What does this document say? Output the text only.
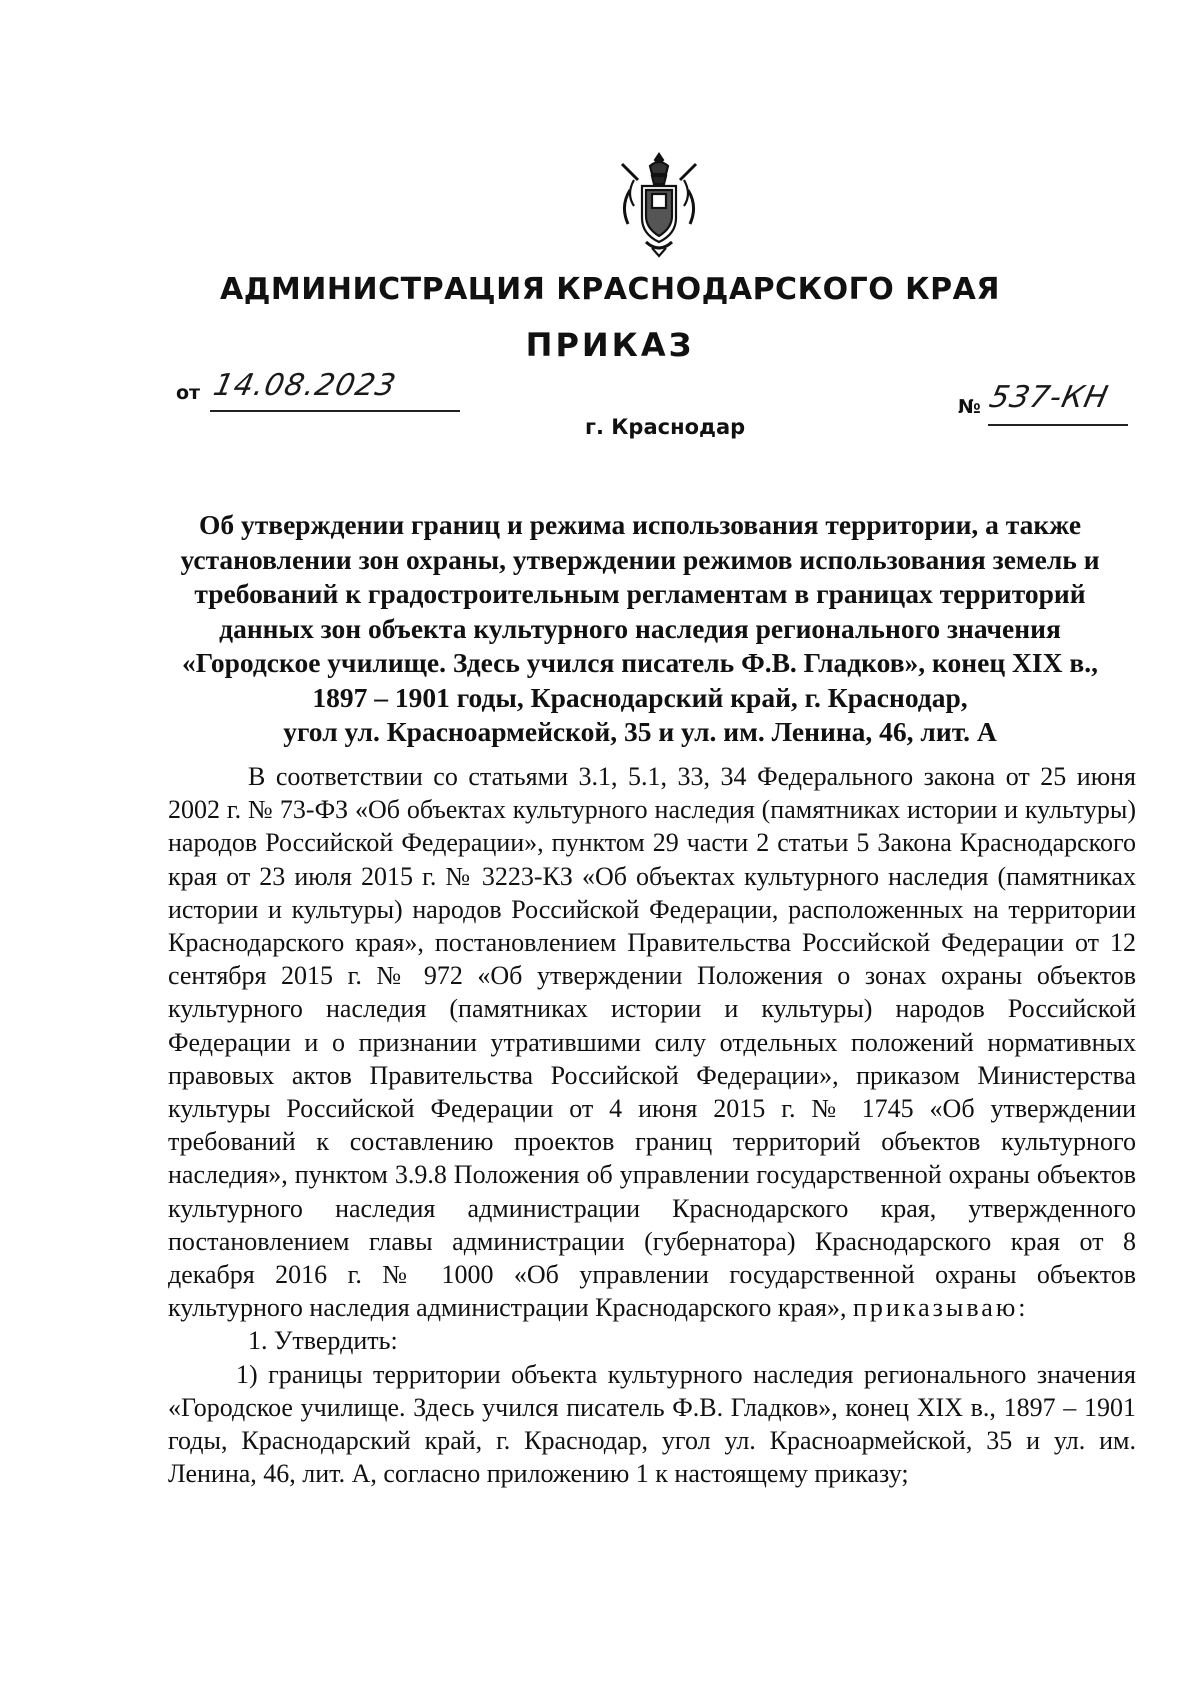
АДМИНИСТРАЦИЯ КРАСНОДАРСКОГО КРАЯ
ПРИКАЗ
от 14.08.2023
№ 537-КН
г. Краснодар
Об утверждении границ и режима использования территории, а также
установлении зон охраны, утверждении режимов использования земель и
требований к градостроительным регламентам в границах территорий
данных зон объекта культурного наследия регионального значения
«Городское училище. Здесь учился писатель Ф.В. Гладков», конец XIX в.,
1897 – 1901 годы, Краснодарский край, г. Краснодар,
угол ул. Красноармейской, 35 и ул. им. Ленина, 46, лит. А

В соответствии со статьями 3.1, 5.1, 33, 34 Федерального закона от 25 июня 2002 г. № 73-ФЗ «Об объектах культурного наследия (памятниках истории и культуры) народов Российской Федерации», пунктом 29 части 2 статьи 5 Закона Краснодарского края от 23 июля 2015 г. № 3223-КЗ «Об объектах культурного наследия (памятниках истории и культуры) народов Российской Федерации, расположенных на территории Краснодарского края», постановлением Правительства Российской Федерации от 12 сентября 2015 г. № 972 «Об утверждении Положения о зонах охраны объектов культурного наследия (памятниках истории и культуры) народов Российской Федерации и о признании утратившими силу отдельных положений нормативных правовых актов Правительства Российской Федерации», приказом Министерства культуры Российской Федерации от 4 июня 2015 г. № 1745 «Об утверждении требований к составлению проектов границ территорий объектов культурного наследия», пунктом 3.9.8 Положения об управлении государственной охраны объектов культурного наследия администрации Краснодарского края, утвержденного постановлением главы администрации (губернатора) Краснодарского края от 8 декабря 2016 г. № 1000 «Об управлении государственной охраны объектов культурного наследия администрации Краснодарского края», приказываю:

1. Утвердить:

1) границы территории объекта культурного наследия регионального значения «Городское училище. Здесь учился писатель Ф.В. Гладков», конец XIX в., 1897 – 1901 годы, Краснодарский край, г. Краснодар, угол ул. Красноармейской, 35 и ул. им. Ленина, 46, лит. А, согласно приложению 1 к настоящему приказу;
